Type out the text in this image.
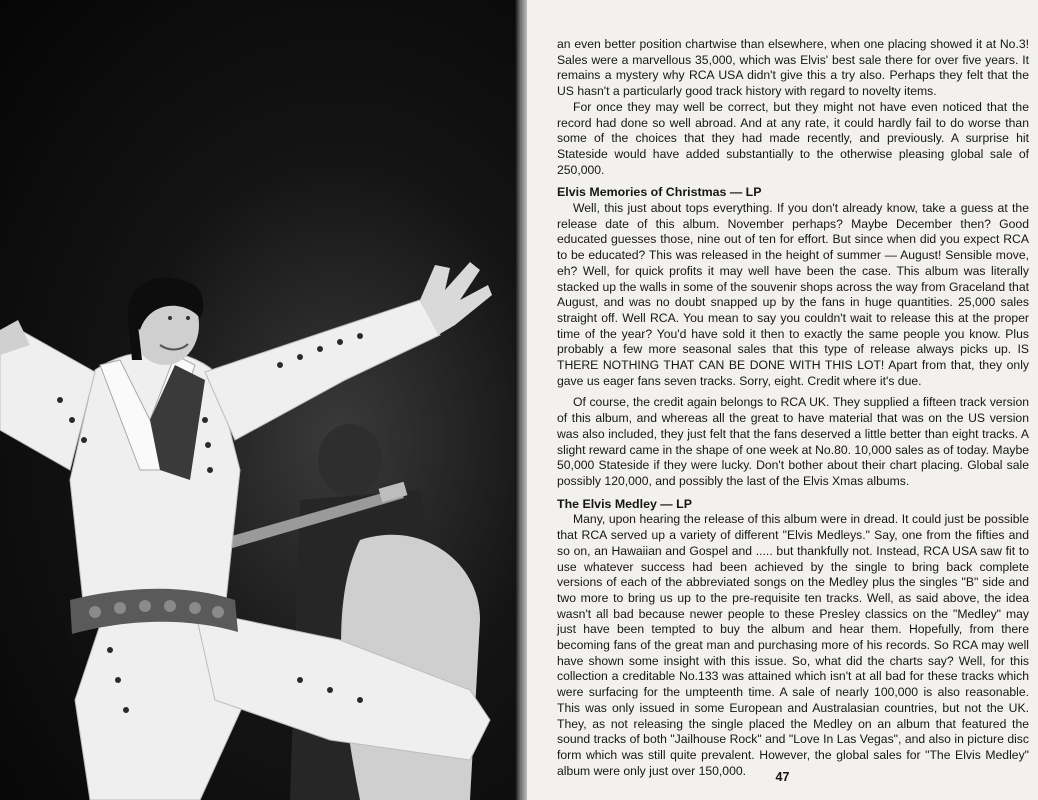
an even better position chartwise than elsewhere, when one placing showed it at No.3! Sales were a marvellous 35,000, which was Elvis' best sale there for over five years. It remains a mystery why RCA USA didn't give this a try also. Perhaps they felt that the US hasn't a particularly good track history with regard to novelty items.

For once they may well be correct, but they might not have even noticed that the record had done so well abroad. And at any rate, it could hardly fail to do worse than some of the choices that they had made recently, and previously. A surprise hit Stateside would have added substantially to the otherwise pleasing global sale of 250,000.

Elvis Memories of Christmas — LP

Well, this just about tops everything. If you don't already know, take a guess at the release date of this album. November perhaps? Maybe December then? Good educated guesses those, nine out of ten for effort. But since when did you expect RCA to be educated? This was released in the height of summer — August! Sensible move, eh? Well, for quick profits it may well have been the case. This album was literally stacked up the walls in some of the souvenir shops across the way from Graceland that August, and was no doubt snapped up by the fans in huge quantities. 25,000 sales straight off. Well RCA. You mean to say you couldn't wait to release this at the proper time of the year? You'd have sold it then to exactly the same people you know. Plus probably a few more seasonal sales that this type of release always picks up. IS THERE NOTHING THAT CAN BE DONE WITH THIS LOT! Apart from that, they only gave us eager fans seven tracks. Sorry, eight. Credit where it's due.

Of course, the credit again belongs to RCA UK. They supplied a fifteen track version of this album, and whereas all the great to have material that was on the US version was also included, they just felt that the fans deserved a little better than eight tracks. A slight reward came in the shape of one week at No.80. 10,000 sales as of today. Maybe 50,000 Stateside if they were lucky. Don't bother about their chart placing. Global sale possibly 120,000, and possibly the last of the Elvis Xmas albums.

The Elvis Medley — LP

Many, upon hearing the release of this album were in dread. It could just be possible that RCA served up a variety of different "Elvis Medleys." Say, one from the fifties and so on, an Hawaiian and Gospel and ..... but thankfully not. Instead, RCA USA saw fit to use whatever success had been achieved by the single to bring back complete versions of each of the abbreviated songs on the Medley plus the singles "B" side and two more to bring us up to the pre-requisite ten tracks. Well, as said above, the idea wasn't all bad because newer people to these Presley classics on the "Medley" may just have been tempted to buy the album and hear them. Hopefully, from there becoming fans of the great man and purchasing more of his records. So RCA may well have shown some insight with this issue. So, what did the charts say? Well, for this collection a creditable No.133 was attained which isn't at all bad for these tracks which were surfacing for the umpteenth time. A sale of nearly 100,000 is also reasonable. This was only issued in some European and Australasian countries, but not the UK. They, as not releasing the single placed the Medley on an album that featured the sound tracks of both "Jailhouse Rock" and "Love In Las Vegas", and also in picture disc form which was still quite prevalent. However, the global sales for "The Elvis Medley" album were only just over 150,000.	47
